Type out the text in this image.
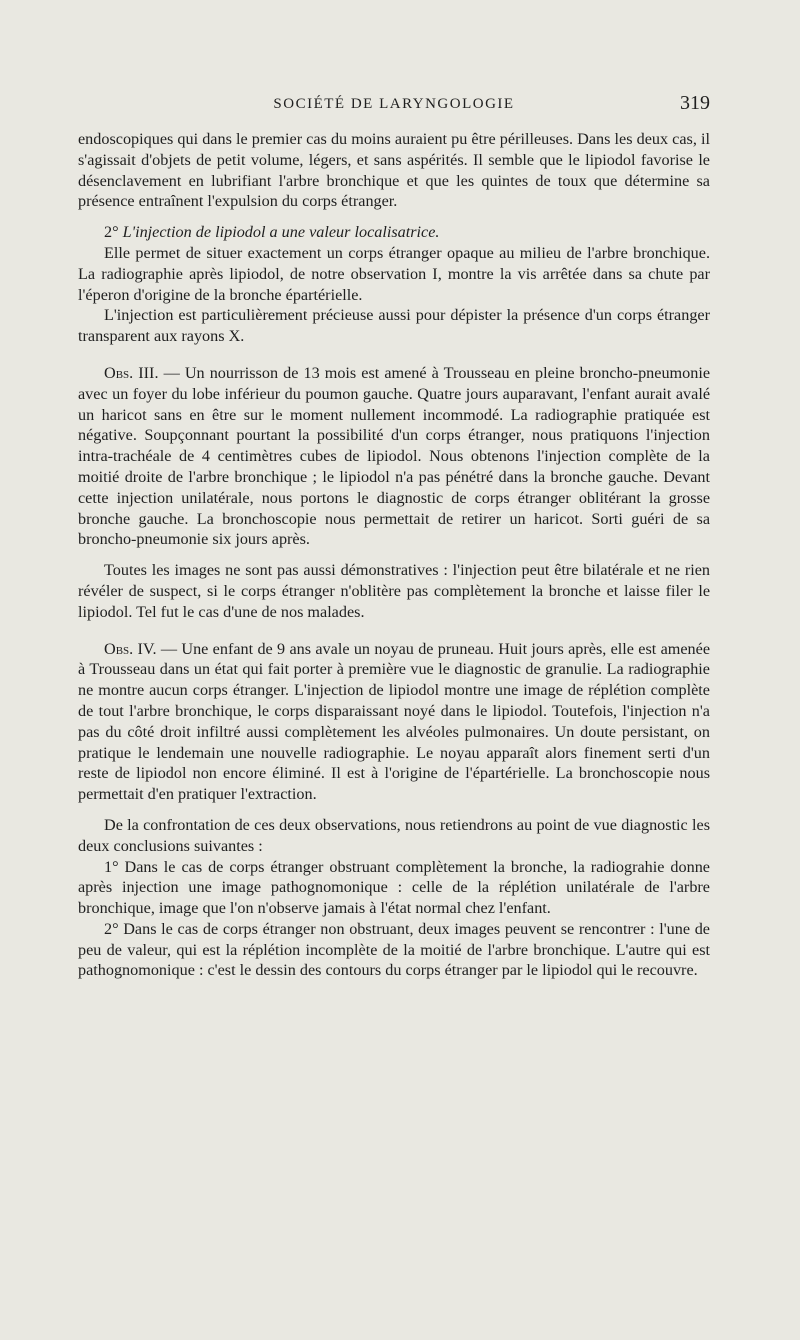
SOCIÉTÉ DE LARYNGOLOGIE	319

endoscopiques qui dans le premier cas du moins auraient pu être périlleuses. Dans les deux cas, il s'agissait d'objets de petit volume, légers, et sans aspérités. Il semble que le lipiodol favorise le désenclavement en lubrifiant l'arbre bronchique et que les quintes de toux que détermine sa présence entraînent l'expulsion du corps étranger.

2° L'injection de lipiodol a une valeur localisatrice.

Elle permet de situer exactement un corps étranger opaque au milieu de l'arbre bronchique. La radiographie après lipiodol, de notre observation I, montre la vis arrêtée dans sa chute par l'éperon d'origine de la bronche épartérielle.

L'injection est particulièrement précieuse aussi pour dépister la présence d'un corps étranger transparent aux rayons X.

Obs. III. — Un nourrisson de 13 mois est amené à Trousseau en pleine broncho-pneumonie avec un foyer du lobe inférieur du poumon gauche. Quatre jours auparavant, l'enfant aurait avalé un haricot sans en être sur le moment nullement incommodé. La radiographie pratiquée est négative. Soupçonnant pourtant la possibilité d'un corps étranger, nous pratiquons l'injection intra-trachéale de 4 centimètres cubes de lipiodol. Nous obtenons l'injection complète de la moitié droite de l'arbre bronchique ; le lipiodol n'a pas pénétré dans la bronche gauche. Devant cette injection unilatérale, nous portons le diagnostic de corps étranger oblitérant la grosse bronche gauche. La bronchoscopie nous permettait de retirer un haricot. Sorti guéri de sa broncho-pneumonie six jours après.

Toutes les images ne sont pas aussi démonstratives : l'injection peut être bilatérale et ne rien révéler de suspect, si le corps étranger n'oblitère pas complètement la bronche et laisse filer le lipiodol. Tel fut le cas d'une de nos malades.

Obs. IV. — Une enfant de 9 ans avale un noyau de pruneau. Huit jours après, elle est amenée à Trousseau dans un état qui fait porter à première vue le diagnostic de granulie. La radiographie ne montre aucun corps étranger. L'injection de lipiodol montre une image de réplétion complète de tout l'arbre bronchique, le corps disparaissant noyé dans le lipiodol. Toutefois, l'injection n'a pas du côté droit infiltré aussi complètement les alvéoles pulmonaires. Un doute persistant, on pratique le lendemain une nouvelle radiographie. Le noyau apparaît alors finement serti d'un reste de lipiodol non encore éliminé. Il est à l'origine de l'épartérielle. La bronchoscopie nous permettait d'en pratiquer l'extraction.

De la confrontation de ces deux observations, nous retiendrons au point de vue diagnostic les deux conclusions suivantes :

1° Dans le cas de corps étranger obstruant complètement la bronche, la radiograhie donne après injection une image pathognomonique : celle de la réplétion unilatérale de l'arbre bronchique, image que l'on n'observe jamais à l'état normal chez l'enfant.

2° Dans le cas de corps étranger non obstruant, deux images peuvent se rencontrer : l'une de peu de valeur, qui est la réplétion incomplète de la moitié de l'arbre bronchique. L'autre qui est pathognomonique : c'est le dessin des contours du corps étranger par le lipiodol qui le recouvre.
